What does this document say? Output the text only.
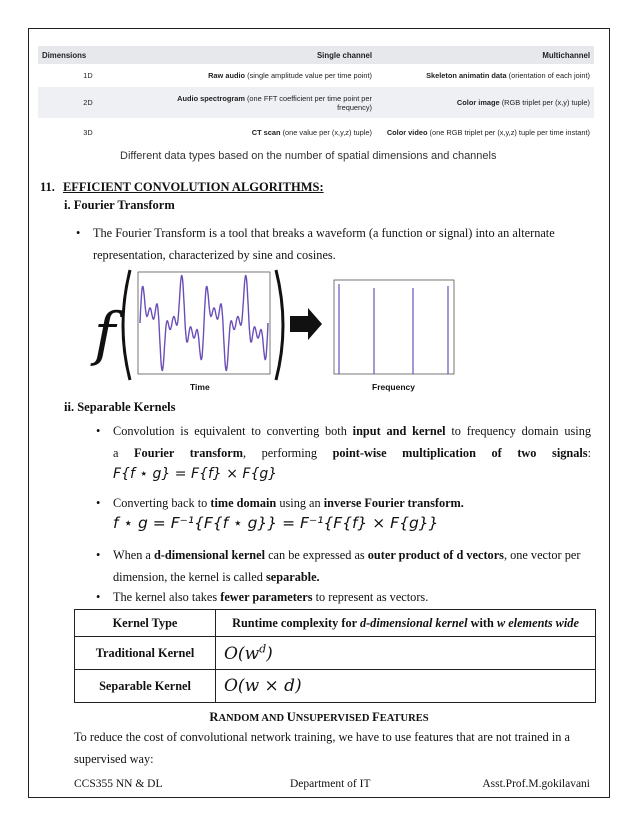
Dimensions	Single channel	Multichannel
1D	Raw audio (single amplitude value per time point)	Skeleton animatin data (orientation of each joint)
2D	Audio spectrogram (one FFT coefficient per time point per frequency)	Color image (RGB triplet per (x,y) tuple)
3D	CT scan (one value per (x,y,z) tuple)	Color video (one RGB triplet per (x,y,z) tuple per time instant)
Different data types based on the number of spatial dimensions and channels
11. EFFICIENT CONVOLUTION ALGORITHMS:
i. Fourier Transform
• The Fourier Transform is a tool that breaks a waveform (a function or signal) into an alternate
representation, characterized by sine and cosines.
f
Time	Frequency
ii. Separable Kernels
• Convolution is equivalent to converting both input and kernel to frequency domain using
a Fourier transform, performing point-wise multiplication of two signals:
F{f ⋆ g} = F{f} × F{g}
• Converting back to time domain using an inverse Fourier transform.
f ⋆ g = F⁻¹{F{f ⋆ g}} = F⁻¹{F{f} × F{g}}
• When a d-dimensional kernel can be expressed as outer product of d vectors, one vector per
dimension, the kernel is called separable.
• The kernel also takes fewer parameters to represent as vectors.
Kernel Type	Runtime complexity for d-dimensional kernel with w elements wide
Traditional Kernel	$O(w^d)$
Separable Kernel	O(w × d)
RANDOM AND UNSUPERVISED FEATURES
To reduce the cost of convolutional network training, we have to use features that are not trained in a supervised way:
CCS355 NN & DL	Department of IT	Asst.Prof.M.gokilavani
